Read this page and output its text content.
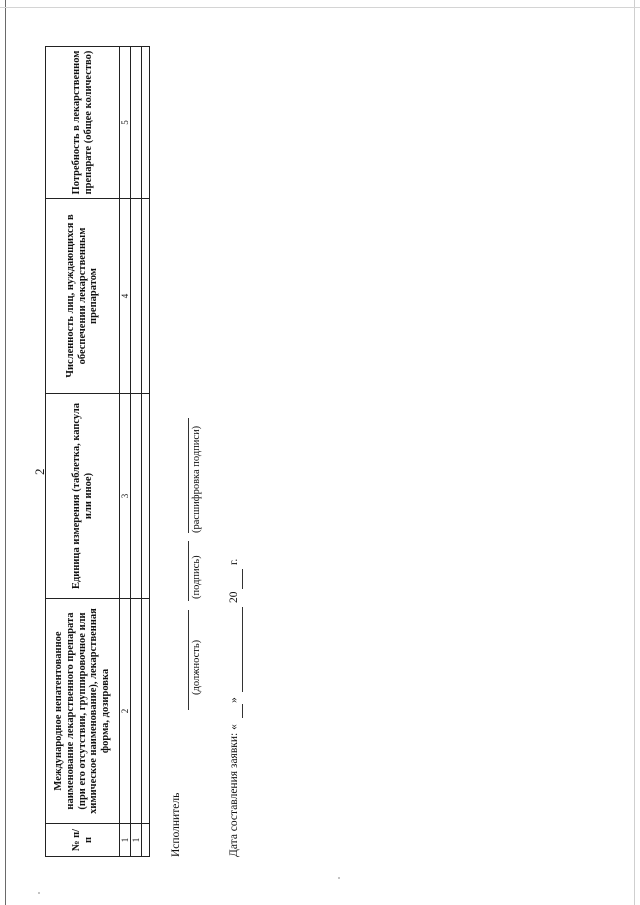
2
№ п/п	Международное непатентованное наименование лекарственного препарата (при его отсутствии, группировочное или химическое наименование), лекарственная форма, дозировка	Единица измерения (таблетка, капсула или иное)	Численность лиц, нуждающихся в обеспечении лекарственным препаратом	Потребность в лекарственном препарате (общее количество)
1	2	3	4	5
1				
					Исполнитель
(должность)
(подпись)
(расшифровка подписи)
Дата составления заявки: «
»
20
г.
